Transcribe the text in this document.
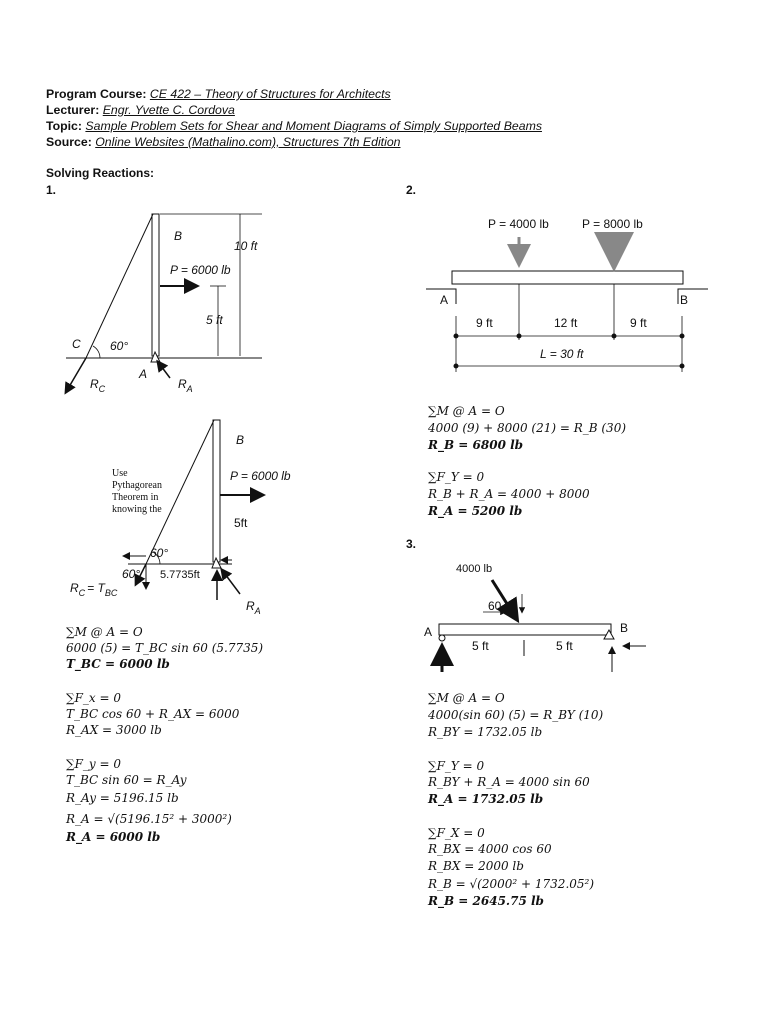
Program Course: CE 422 – Theory of Structures for Architects
Lecturer: Engr. Yvette C. Cordova
Topic: Sample Problem Sets for Shear and Moment Diagrams of Simply Supported Beams
Source: Online Websites (Mathalino.com), Structures 7th Edition
Solving Reactions:
1.	2.
3.
B
10 ft
P = 6000 lb
5 ft
C 60°
A
$R_C$	$R_A$
B
P = 6000 lb
5ft
60°
60° 5.7735ft
$R_C = T_{BC}$
$R_A$
P = 4000 lb	P = 8000 lb
A	B
9 ft	12 ft	9 ft
L = 30 ft
4000 lb
60
A	B
5 ft	5 ft
Use Pythagorean Theorem in knowing the
∑M @ A = O
6000 (5) = T_BC sin 60 (5.7735)
T_BC = 6000 lb
∑F_x = 0
T_BC cos 60 + R_AX = 6000
R_AX = 3000 lb
∑F_y = 0
T_BC sin 60 = R_Ay
R_Ay = 5196.15 lb
R_A = √(5196.15² + 3000²)
R_A = 6000 lb
∑M @ A = O
4000 (9) + 8000 (21) = R_B (30)
R_B = 6800 lb
∑F_Y = 0
R_B + R_A = 4000 + 8000
R_A = 5200 lb
∑M @ A = O
4000(sin 60) (5) = R_BY (10)
R_BY = 1732.05 lb
∑F_Y = 0
R_BY + R_A = 4000 sin 60
R_A = 1732.05 lb
∑F_X = 0
R_BX = 4000 cos 60
R_BX = 2000 lb
R_B = √(2000² + 1732.05²)
R_B = 2645.75 lb
